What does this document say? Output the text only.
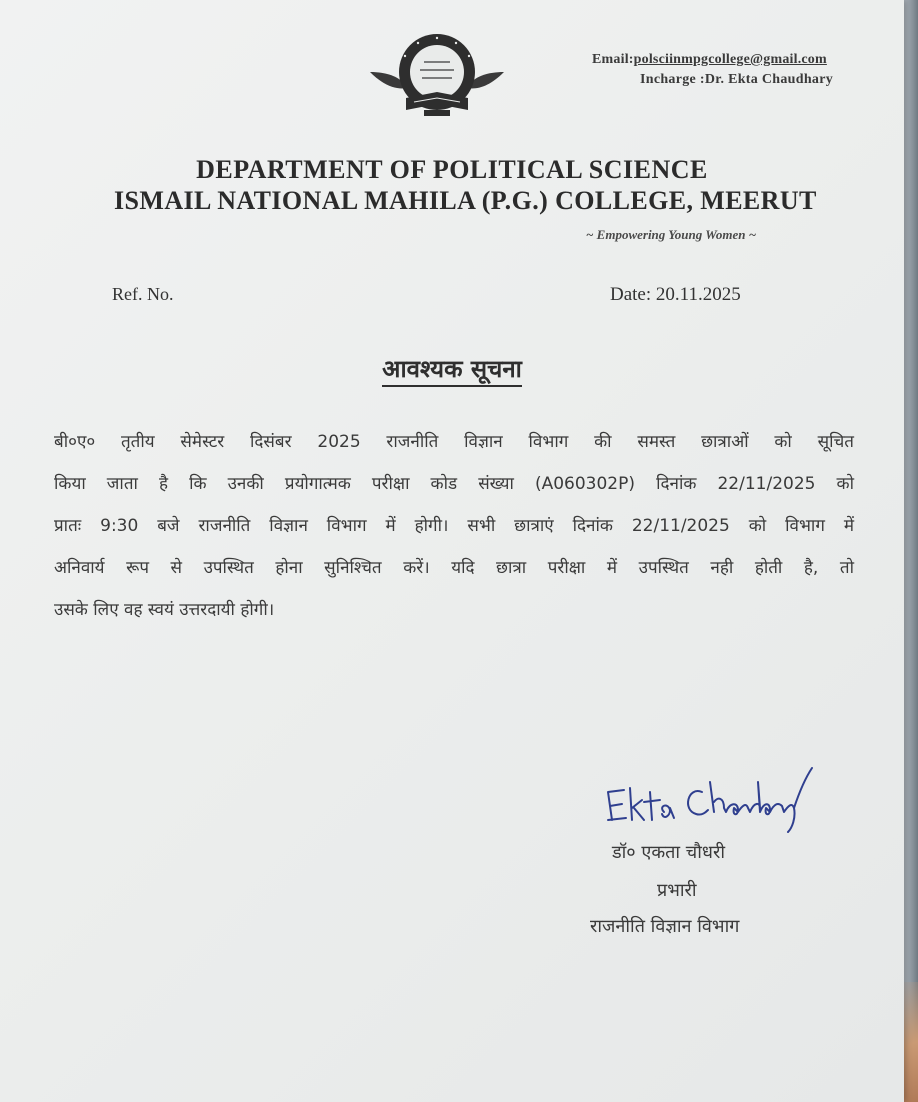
Email:polsciinmpgcollege@gmail.com
Incharge :Dr. Ekta Chaudhary
DEPARTMENT OF POLITICAL SCIENCE
ISMAIL NATIONAL MAHILA (P.G.) COLLEGE, MEERUT
~ Empowering Young Women ~
Ref. No.	Date: 20.11.2025
आवश्यक सूचना
बी०ए० तृतीय सेमेस्टर दिसंबर 2025 राजनीति विज्ञान विभाग की समस्त छात्राओं को सूचित
किया जाता है कि उनकी प्रयोगात्मक परीक्षा कोड संख्या (A060302P) दिनांक 22/11/2025 को
प्रातः 9:30 बजे राजनीति विज्ञान विभाग में होगी। सभी छात्राएं दिनांक 22/11/2025 को विभाग में
अनिवार्य रूप से उपस्थित होना सुनिश्चित करें। यदि छात्रा परीक्षा में उपस्थित नही होती है, तो
उसके लिए वह स्वयं उत्तरदायी होगी।
डॉ० एकता चौधरी
प्रभारी
राजनीति विज्ञान विभाग
